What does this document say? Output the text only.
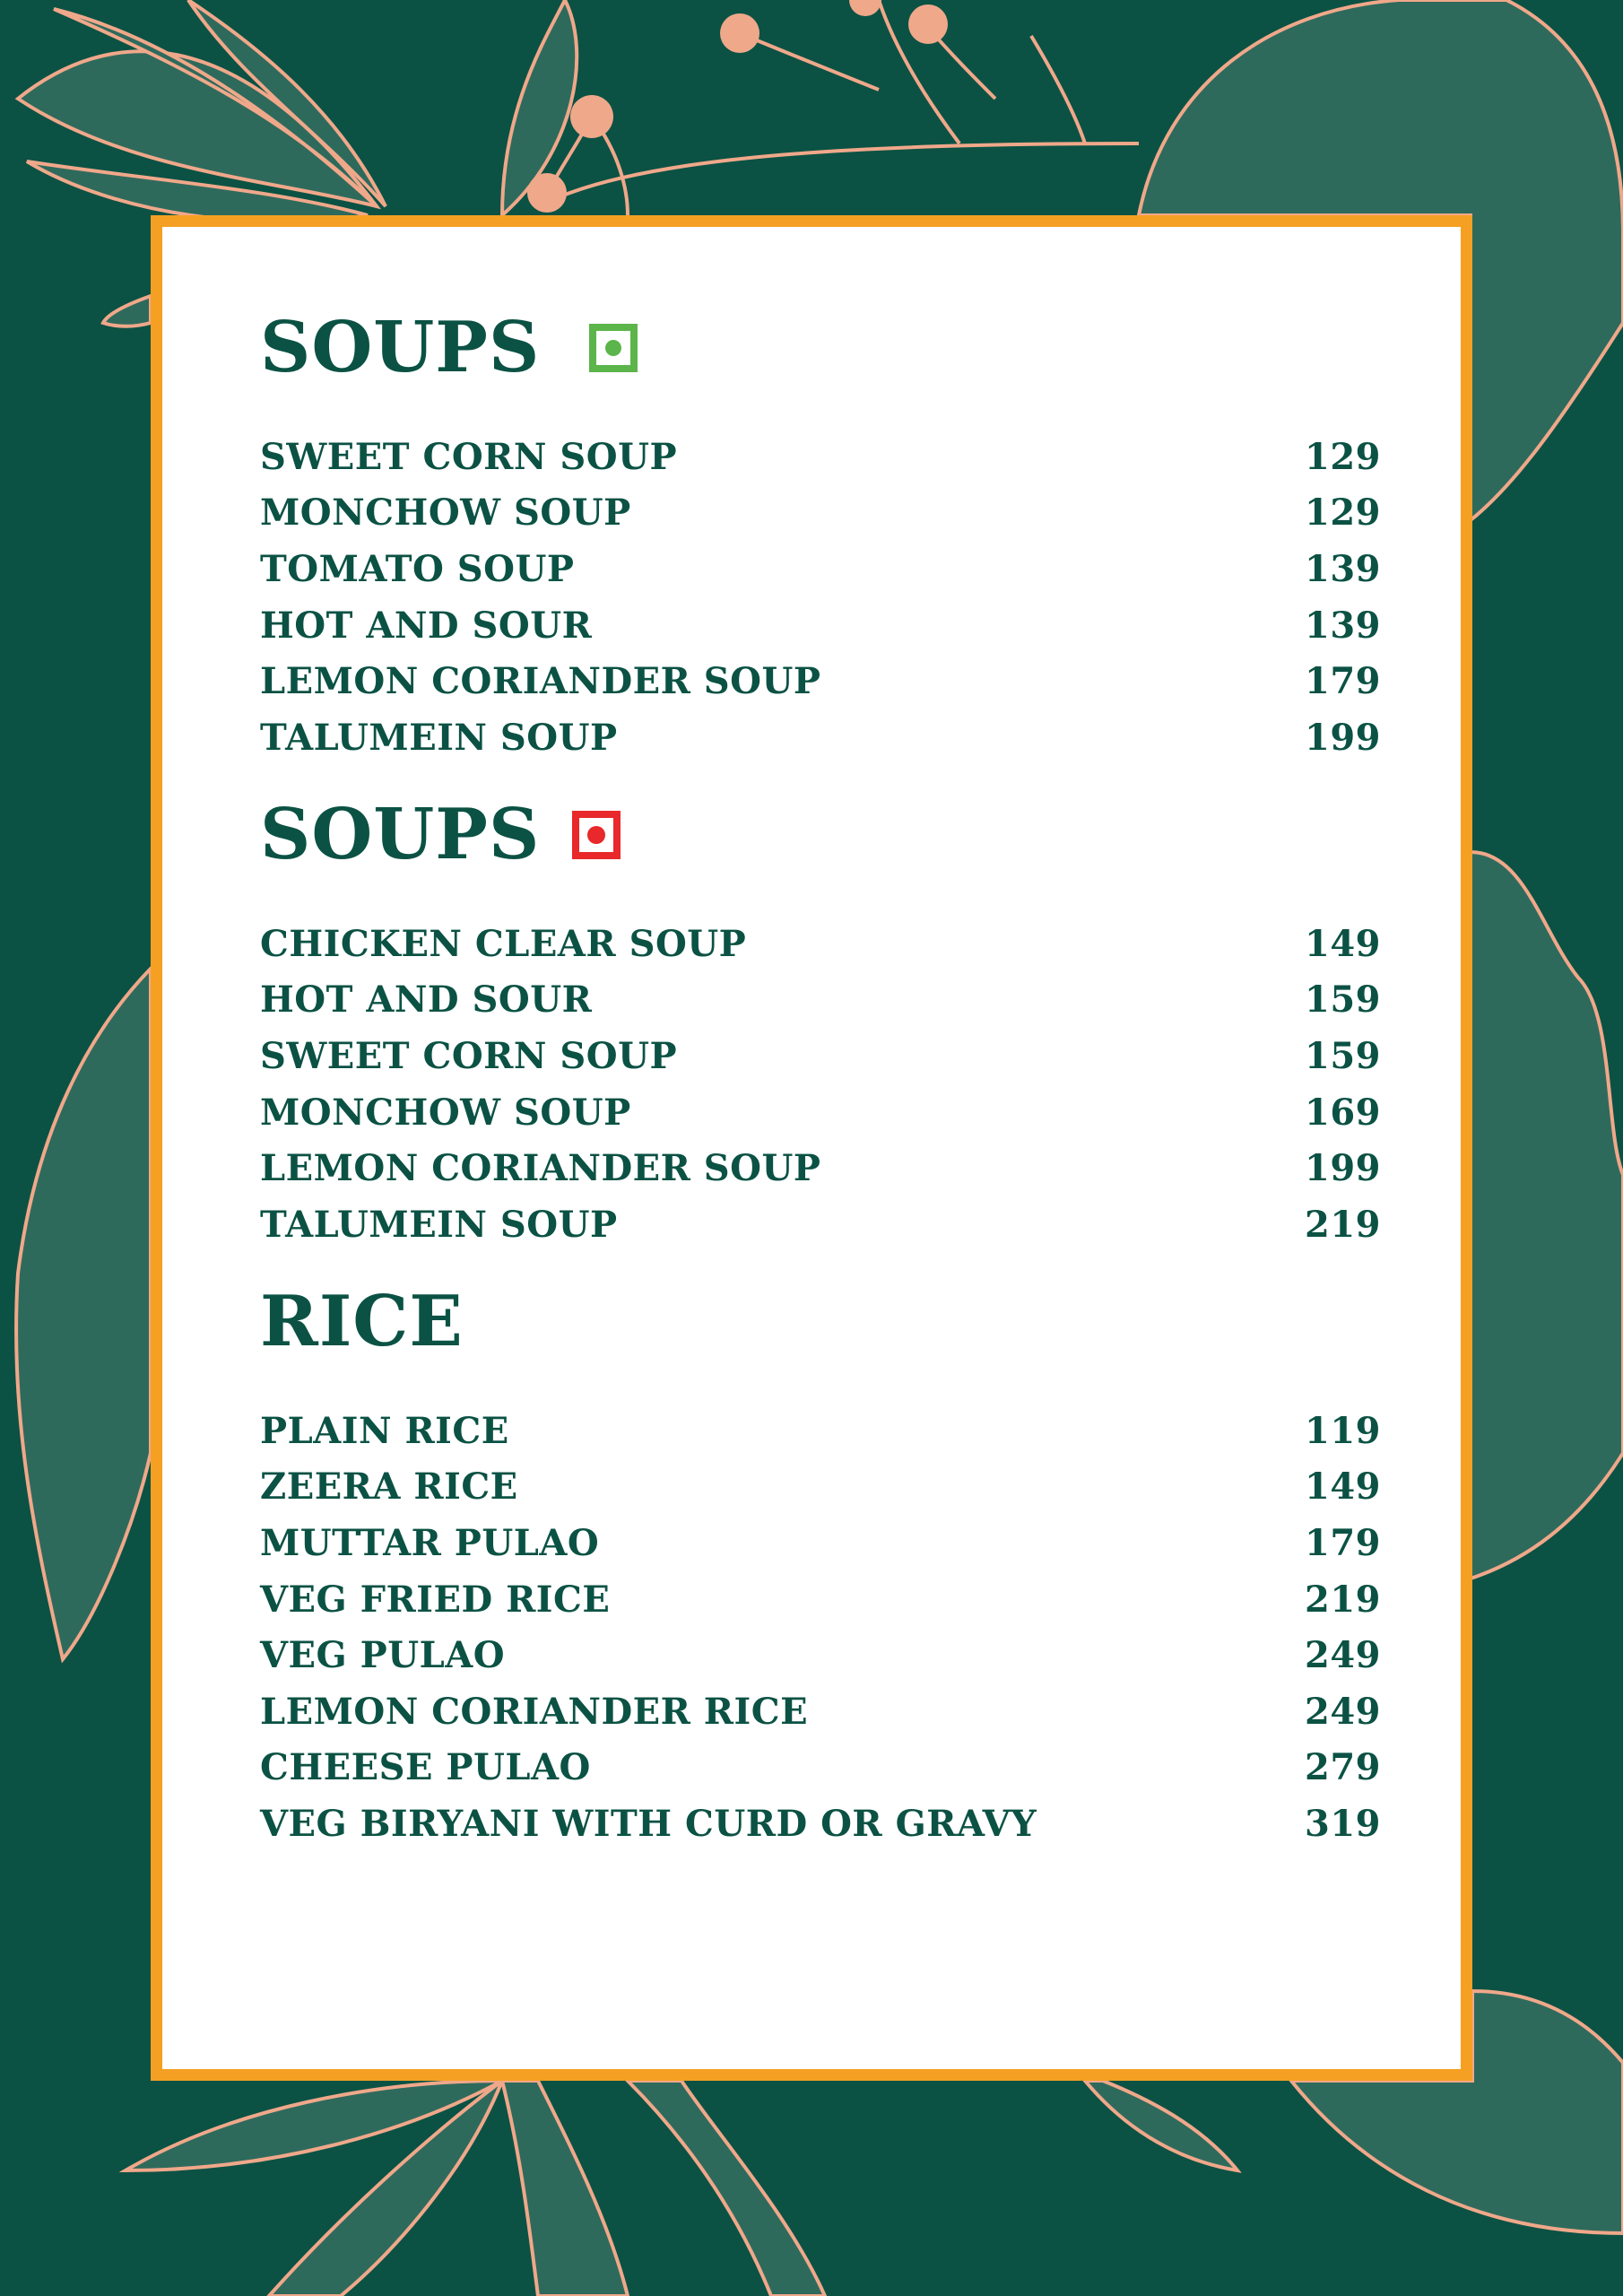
SOUPS
SWEET CORN SOUP	129
MONCHOW SOUP	129
TOMATO SOUP	139
HOT AND SOUR	139
LEMON CORIANDER SOUP	179
TALUMEIN SOUP	199
SOUPS
CHICKEN CLEAR SOUP	149
HOT AND SOUR	159
SWEET CORN SOUP	159
MONCHOW SOUP	169
LEMON CORIANDER SOUP	199
TALUMEIN SOUP	219
RICE
PLAIN RICE	119
ZEERA RICE	149
MUTTAR PULAO	179
VEG FRIED RICE	219
VEG PULAO	249
LEMON CORIANDER RICE	249
CHEESE PULAO	279
VEG BIRYANI WITH CURD OR GRAVY	319
